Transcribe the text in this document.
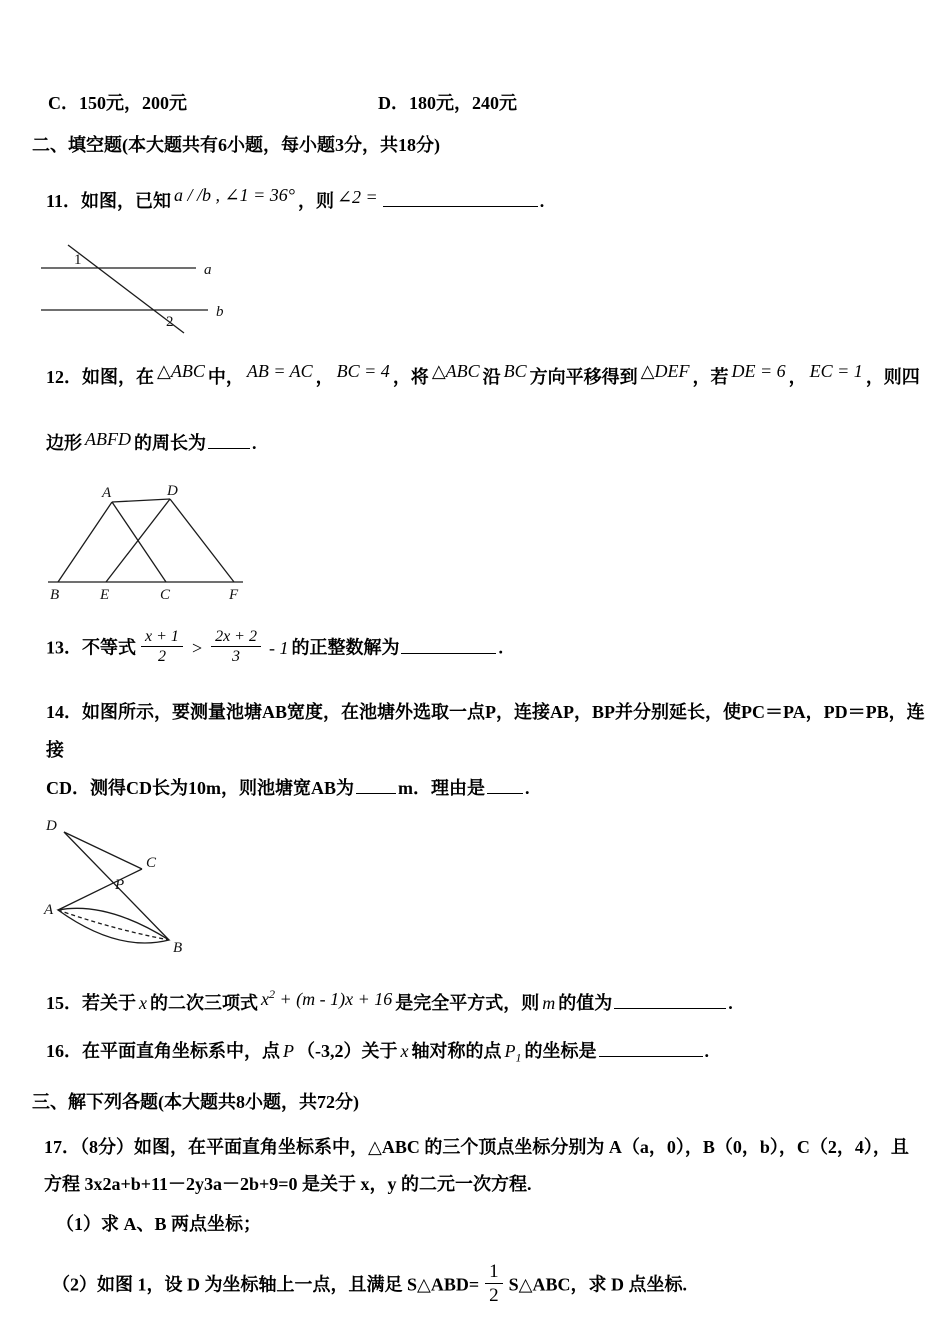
C．150元，200元	D．180元，240元
二、填空题(本大题共有6小题，每小题3分，共18分)
11．如图，已知 a / /b , ∠1 = 36° ，则 ∠2 =	.
a
b
1
2
12．如图，在 △ABC 中， AB = AC ， BC = 4 ，将 △ABC 沿 BC 方向平移得到 △DEF ，若 DE = 6 ， EC = 1 ，则四
边形 ABFD 的周长为	.
A	D
B	E	C	F
13．不等式 $\frac{x + 1}{2} > \frac{2x + 2}{3} - 1$ 的正整数解为	.
14．如图所示，要测量池塘AB宽度，在池塘外选取一点P，连接AP，BP并分别延长，使PC＝PA，PD＝PB，连接
CD．测得CD长为10m，则池塘宽AB为 m．理由是 .
D
C
P
A
B
15．若关于 x 的二次三项式 $x^2 + (m - 1)x + 16$ 是完全平方式，则 m 的值为	.
16．在平面直角坐标系中，点 P （-3,2）关于 x 轴对称的点 $P_1$ 的坐标是	.
三、解下列各题(本大题共8小题，共72分)
17．（8分）如图，在平面直角坐标系中，△ABC 的三个顶点坐标分别为 A（a，0），B（0，b），C（2，4），且
方程 3x2a+b+11－2y3a－2b+9=0 是关于 x，y 的二元一次方程.
（1）求 A、B 两点坐标；
（2）如图 1，设 D 为坐标轴上一点，且满足 S△ABD= $\frac{1}{2}$ S△ABC，求 D 点坐标.
